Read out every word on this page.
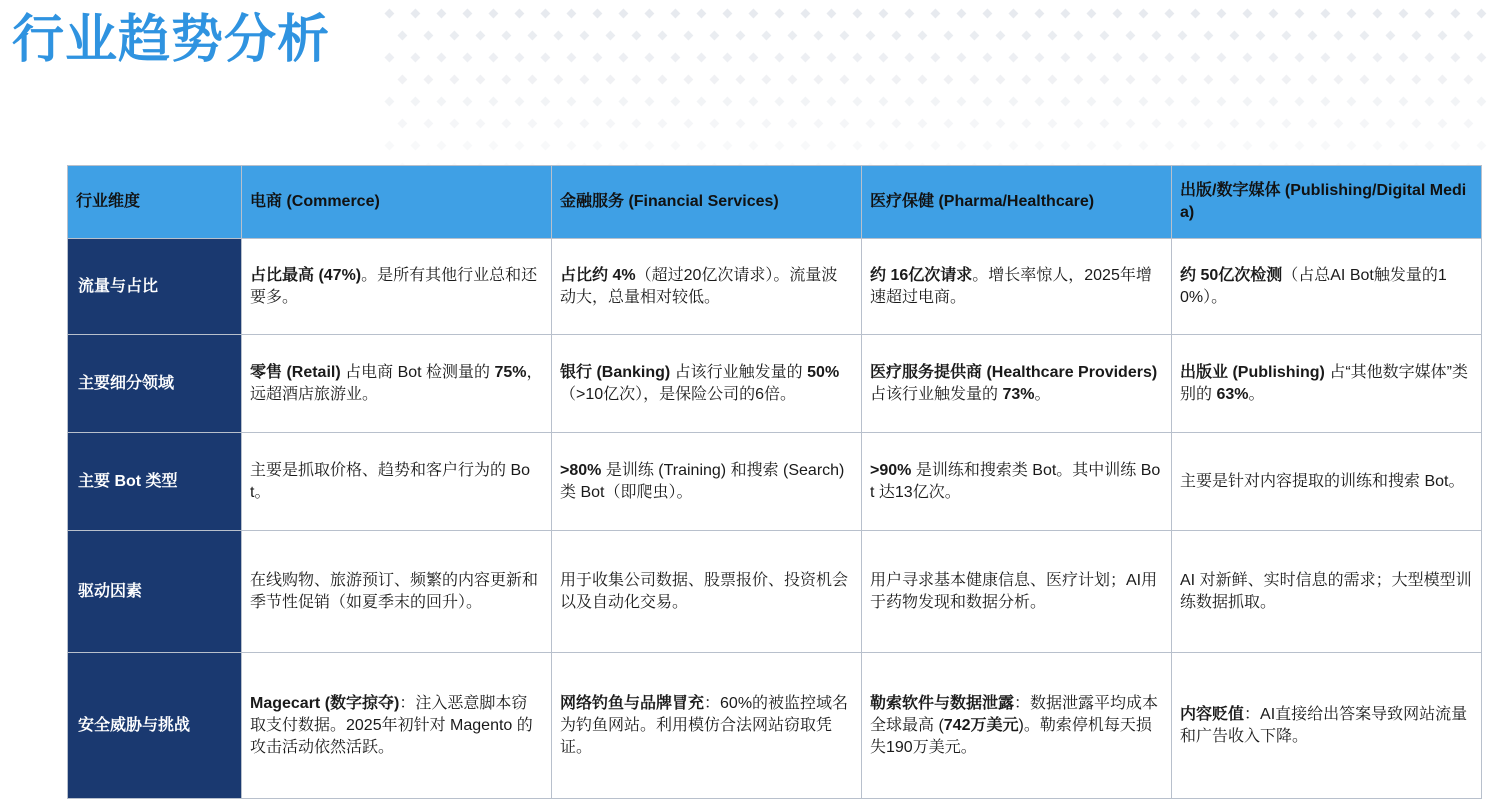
行业趋势分析
行业维度	电商 (Commerce)	金融服务 (Financial Services)	医疗保健 (Pharma/Healthcare)	出版/数字媒体 (Publishing/Digital Media)
流量与占比	占比最高 (47%)。是所有其他行业总和还要多。	占比约 4%（超过20亿次请求）。流量波动大，总量相对较低。	约 16亿次请求。增长率惊人，2025年增速超过电商。	约 50亿次检测（占总AI Bot触发量的10%）。
主要细分领域	零售 (Retail) 占电商 Bot 检测量的 75%，远超酒店旅游业。	银行 (Banking) 占该行业触发量的 50%（>10亿次），是保险公司的6倍。	医疗服务提供商 (Healthcare Providers) 占该行业触发量的 73%。	出版业 (Publishing) 占“其他数字媒体”类别的 63%。
主要 Bot 类型	主要是抓取价格、趋势和客户行为的 Bot。	>80% 是训练 (Training) 和搜索 (Search) 类 Bot（即爬虫）。	>90% 是训练和搜索类 Bot。其中训练 Bot 达13亿次。	主要是针对内容提取的训练和搜索 Bot。
驱动因素	在线购物、旅游预订、频繁的内容更新和季节性促销（如夏季末的回升）。	用于收集公司数据、股票报价、投资机会以及自动化交易。	用户寻求基本健康信息、医疗计划；AI用于药物发现和数据分析。	AI 对新鲜、实时信息的需求；大型模型训练数据抓取。
安全威胁与挑战	Magecart (数字掠夺)：注入恶意脚本窃取支付数据。2025年初针对 Magento 的攻击活动依然活跃。	网络钓鱼与品牌冒充：60%的被监控域名为钓鱼网站。利用模仿合法网站窃取凭证。	勒索软件与数据泄露：数据泄露平均成本全球最高 (742万美元)。勒索停机每天损失190万美元。	内容贬值：AI直接给出答案导致网站流量和广告收入下降。
